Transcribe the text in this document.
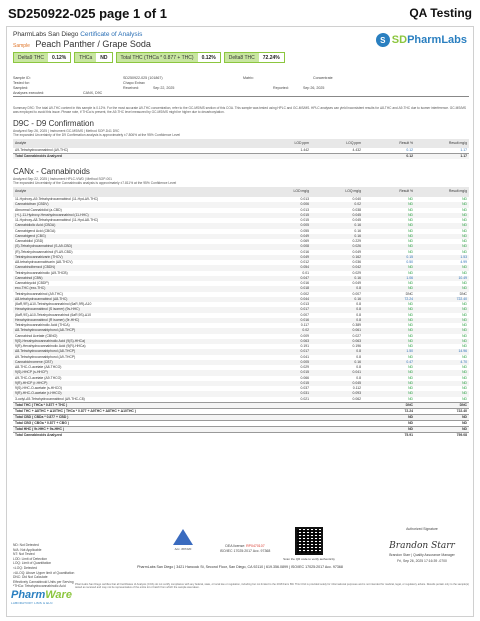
SD250922-025 page 1 of 1	QA Testing
PharmLabs San Diego Certificate of Analysis
Sample Peach Panther / Grape Soda
Delta9 THC	0.12%	THCa	ND	Total THC (THCa * 0.877 + THC)	0.12%	Delta8 THC	72.24%
S SDPharmLabs
Sample ID:	SD250922-025 (101867)	Matrix:	Concentrate
Tested for:	Chapo Extrax
Sampled:	Received:	Sep 22, 2025	Reported:	Sep 26, 2025
Analyses executed:	CANX, D9C
Summary D9C: The total Δ9-THC content in this sample is 0.12%. For the most accurate Δ9-THC concentration, refer to the GC-MS/MS section of this COA. This sample was tested using HPLC and GC-MS/MS. HPLC analyses can yield inconsistent results for Δ8-THC and Δ9-THC due to isomer interference. GC-MS/MS was employed to avoid this issue. Please note, if THCa is present, the Δ9-THC level measured by GC-MS/MS might be higher due to decarboxylation.
D9C - D9 Confirmation
Analyzed Sep 26, 2025 | Instrument GC-MS/MS | Method SOP-D41 D9C
The expanded Uncertainty of the D9 Confirmation analysis is approximately ±7.806% at the 95% Confidence Level
Analyte	LOD ppm	LOQ ppm	Result %	Result mg/g
Δ9-Tetrahydrocannabinol (Δ9-THC)	1.442	4.432	0.12	1.17
Total Cannabinoids Analyzed			0.12	1.17
CANx - Cannabinoids
Analyzed Sep 22, 2025 | Instrument HPLC-VWD | Method SOP-001
The expanded Uncertainty of the Cannabinoids analysis is approximately ±7.811% at the 95% Confidence Level
Analyte	LOD mg/g	LOQ mg/g	Result %	Result mg/g
11-Hydroxy-Δ9-Tetrahydrocannabinol (11-Hyd-Δ9-THC)	0.013	0.040	ND	ND
Cannabicitran (CBDV)	0.006	0.02	ND	ND
Abnormal Cannabidiol (a-CBD)	0.013	0.038	ND	ND
(+/-)-11-Hydroxy-Hexahydrocannabinol (11-HHC)	0.015	0.045	ND	ND
11-Hydroxy-Δ8-Tetrahydrocannabinol (11-Hyd-Δ8-THC)	0.015	0.045	ND	ND
Cannabidiolic Acid (CBDA)	0.005	0.16	ND	ND
Cannabigerol Acid (CBGA)	0.055	0.16	ND	ND
Cannabigerol (CBG)	0.049	0.16	ND	ND
Cannabidiol (CBD)	0.069	0.229	ND	ND
(S)-Tetrahydrocannabinol (S-Δ9-CBD)	0.008	0.026	ND	ND
(R)-Tetrahydrocannabinol (R-Δ9-CBD)	0.016	0.049	ND	ND
Tetrahydrocannabivarin (THCV)	0.049	0.162	0.15	1.53
Δ8-tetrahydrocannabivarin (Δ8-THCV)	0.012	0.036	0.50	4.99
Cannabinolbenzol (CBDN)	0.054	0.042	ND	ND
Tetrahydrocannabinolic (Δ9-THCB)	0.01	0.029	ND	ND
Cannabinol (CBN)	0.047	0.16	1.06	10.49
Cannabicyclol (CBDP)	0.016	0.049	ND	ND
exo-THC (exo-THC)	0.018	0.8	ND	ND
Tetrahydrocannabinol (Δ9-THC)	0.002	0.007	DNC	DNC
Δ8-tetrahydrocannabinol (Δ8-THC)	0.044	0.16	72.24	722.40
(6aR,9R)-Δ10-Tetrahydrocannabinol (6aR,9R)-Δ10	0.013	0.8	ND	ND
Hexahydrocannabinol (S isomer) (9s-HHC)	0.017	0.8	ND	ND
(6aR,9S)-Δ10-Tetrahydrocannabinol (6aR,9S)-Δ10	0.007	0.8	ND	ND
Hexahydrocannabinol (R isomer) (9r-HHC)	0.016	0.8	ND	ND
Tetrahydrocannabinolic Acid (THCA)	0.117	0.389	ND	ND
Δ8-Tetrahydrocannabiphorol (Δ8-THCP)	0.02	0.061	ND	ND
Cannabinol Acetate (CBNO)	0.009	0.027	ND	ND
9(S)-Hexahydrocannabinolic Acid (9(S)-HHCa)	0.063	0.063	ND	ND
9(R)-Hexahydrocannabinolic Acid (9(R)-HHCa)	0.191	0.196	ND	ND
Δ8-Tetrahydrocannabiphorol (Δ8-THCP)	0.017	0.8	1.50	14.96
Δ9-Tetrahydrocannabiphorol (Δ9-THCP)	0.041	0.8	ND	ND
Cannabichromene (CBT)	0.005	0.16	0.47	4.70
Δ8-THC-O-acetate (Δ8-THCO)	0.029	0.8	ND	ND
9(S)-HHCP (s-HHCP)	0.015	0.041	ND	ND
Δ9-THC-O-acetate (Δ9-THCO)	0.066	0.8	ND	ND
9(R)-HHCP (r-HHCP)	0.015	0.045	ND	ND
9(S)-HHC-O-acetate (s-HHCO)	0.037	0.112	ND	ND
9(R)-HHC-O-acetate (r-HHCO)	0.031	0.093	ND	ND
3-octyl-Δ9-Tetrahydrocannabinol (Δ9-THC-C8)	0.021	0.062	ND	ND
Total THC ( THCa * 0.877 + THC )			DNC	DNC
Total THC + Δ8THC + Δ10THC ( THCa * 0.877 + Δ9THC + Δ8THC + Δ10THC )			72.24	722.40
Total CBD ( CBDa * 0.877 + CBD )			ND	ND
Total CBG ( CBGa * 0.877 + CBG )			ND	ND
Total HHC ( 9r-HHC + 9s-HHC )			ND	ND
Total Cannabinoids Analyzed			75.91	759.08
ND: Not Detected
N/A: Not Applicable
NT: Not Tested
LOD: Limit of Detection
LOQ: Limit of Quantitation
<LOQ: Detected
>ULOQ: Above Upper limit of Quantitation
DNC: Did Not Calculate
Effectively Cannabinoid Units per Serving
*THCa: Tetrahydrocannabinolic Acid
Acc. #97220
DEA license: RP0470107
ISO/IEC 17025:2017 Acc. 97368
Scan the QR code to verify authenticity
Authorized Signature
Brandon Starr
Brandon Starr | Quality Assurance Manager
Fri, Sep 26, 2025 17:16:39 -0700
PharmLabs San Diego | 3421 Hancock St, Second Floor, San Diego, CA 92110 | 619.356.0899 | ISO/IEC 17025:2017 Acc. 97368
PharmWare
LABORATORY LIMS & ELN
PharmLabs San Diego certifies that all Certificates of Analysis (COA) do not certify compliance with any federal, state, or local law or regulation, including but not limited to the 2018 Farm Bill. This COA is provided solely for informational purposes and is not intended for medical, legal, or regulatory advice. Results pertain only to the sample(s) tested as received and may not be representative of the entire lot or batch from which the sample was taken.
